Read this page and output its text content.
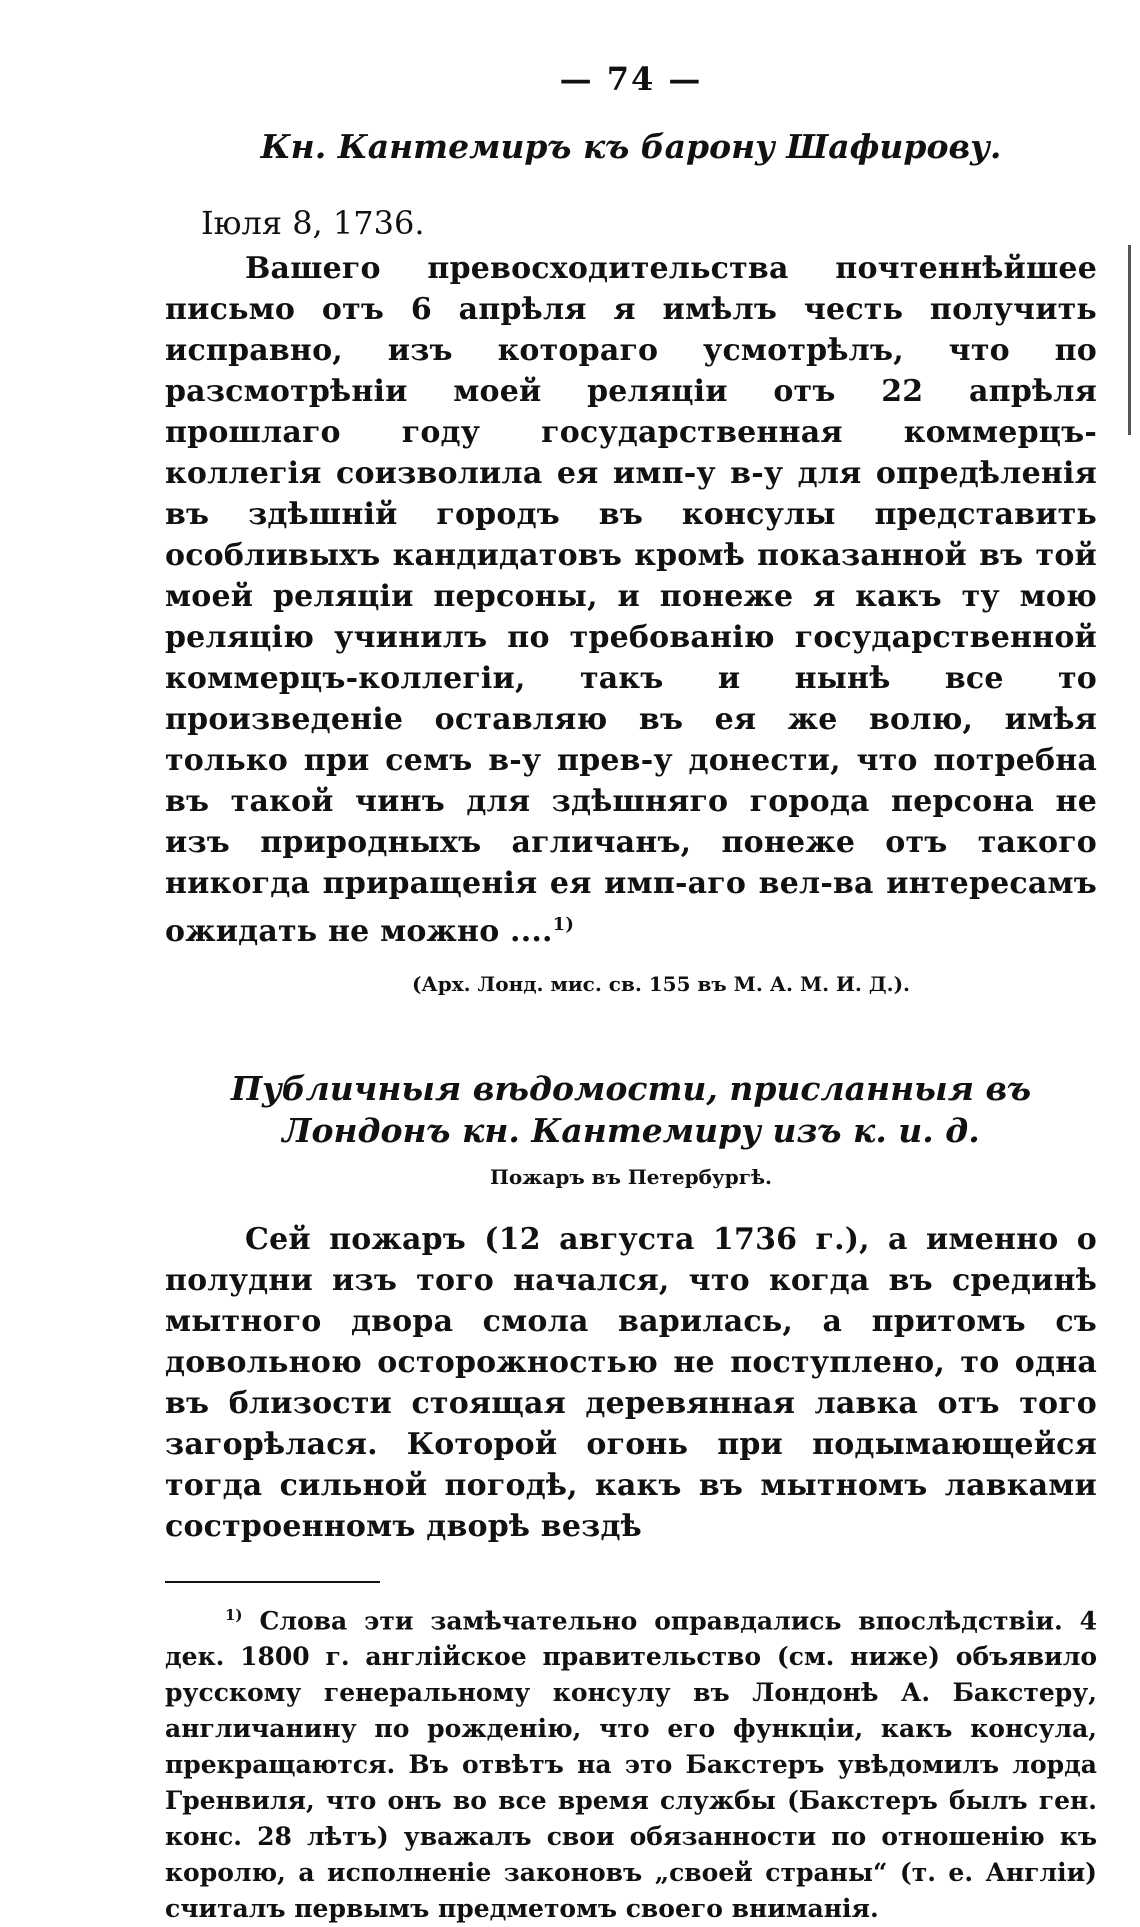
— 74 —
Кн. Кантемиръ къ барону Шафирову.
Іюля 8, 1736.

Вашего превосходительства почтеннѣйшее письмо отъ 6 апрѣля я имѣлъ честь получить исправно, изъ котораго усмотрѣлъ, что по разсмотрѣніи моей реляціи отъ 22 апрѣля прошлаго году государственная коммерцъ-коллегія соизволила ея имп-у в-у для опредѣленія въ здѣшній городъ въ консулы представить особливыхъ кандидатовъ кромѣ показанной въ той моей реляціи персоны, и понеже я какъ ту мою реляцію учинилъ по требованію государственной коммерцъ-коллегіи, такъ и нынѣ все то произведеніе оставляю въ ея же волю, имѣя только при семъ в-у прев-у донести, что потребна въ такой чинъ для здѣшняго города персона не изъ природныхъ агличанъ, понеже отъ такого никогда приращенія ея имп-аго вел-ва интересамъ ожидать не можно ....$^{1)}$

(Арх. Лонд. мис. св. 155 въ М. А. М. И. Д.).
Публичныя вѣдомости, присланныя въ Лондонъ кн. Кантемиру изъ к. и. д.
Пожаръ въ Петербургѣ.

Сей пожаръ (12 августа 1736 г.), а именно о полудни изъ того начался, что когда въ срединѣ мытного двора смола варилась, а притомъ съ довольною осторожностью не поступлено, то одна въ близости стоящая деревянная лавка отъ того загорѣлася. Которой огонь при подымающейся тогда сильной погодѣ, какъ въ мытномъ лавками состроенномъ дворѣ вездѣ

$^{1)}$ Слова эти замѣчательно оправдались впослѣдствіи. 4 дек. 1800 г. англійское правительство (см. ниже) объявило русскому генеральному консулу въ Лондонѣ А. Бакстеру, англичанину по рожденію, что его функціи, какъ консула, прекращаются. Въ отвѣтъ на это Бакстеръ увѣдомилъ лорда Гренвиля, что онъ во все время службы (Бакстеръ былъ ген. конс. 28 лѣтъ) уважалъ свои обязанности по отношенію къ королю, а исполненіе законовъ „своей страны“ (т. е. Англіи) считалъ первымъ предметомъ своего вниманія.
